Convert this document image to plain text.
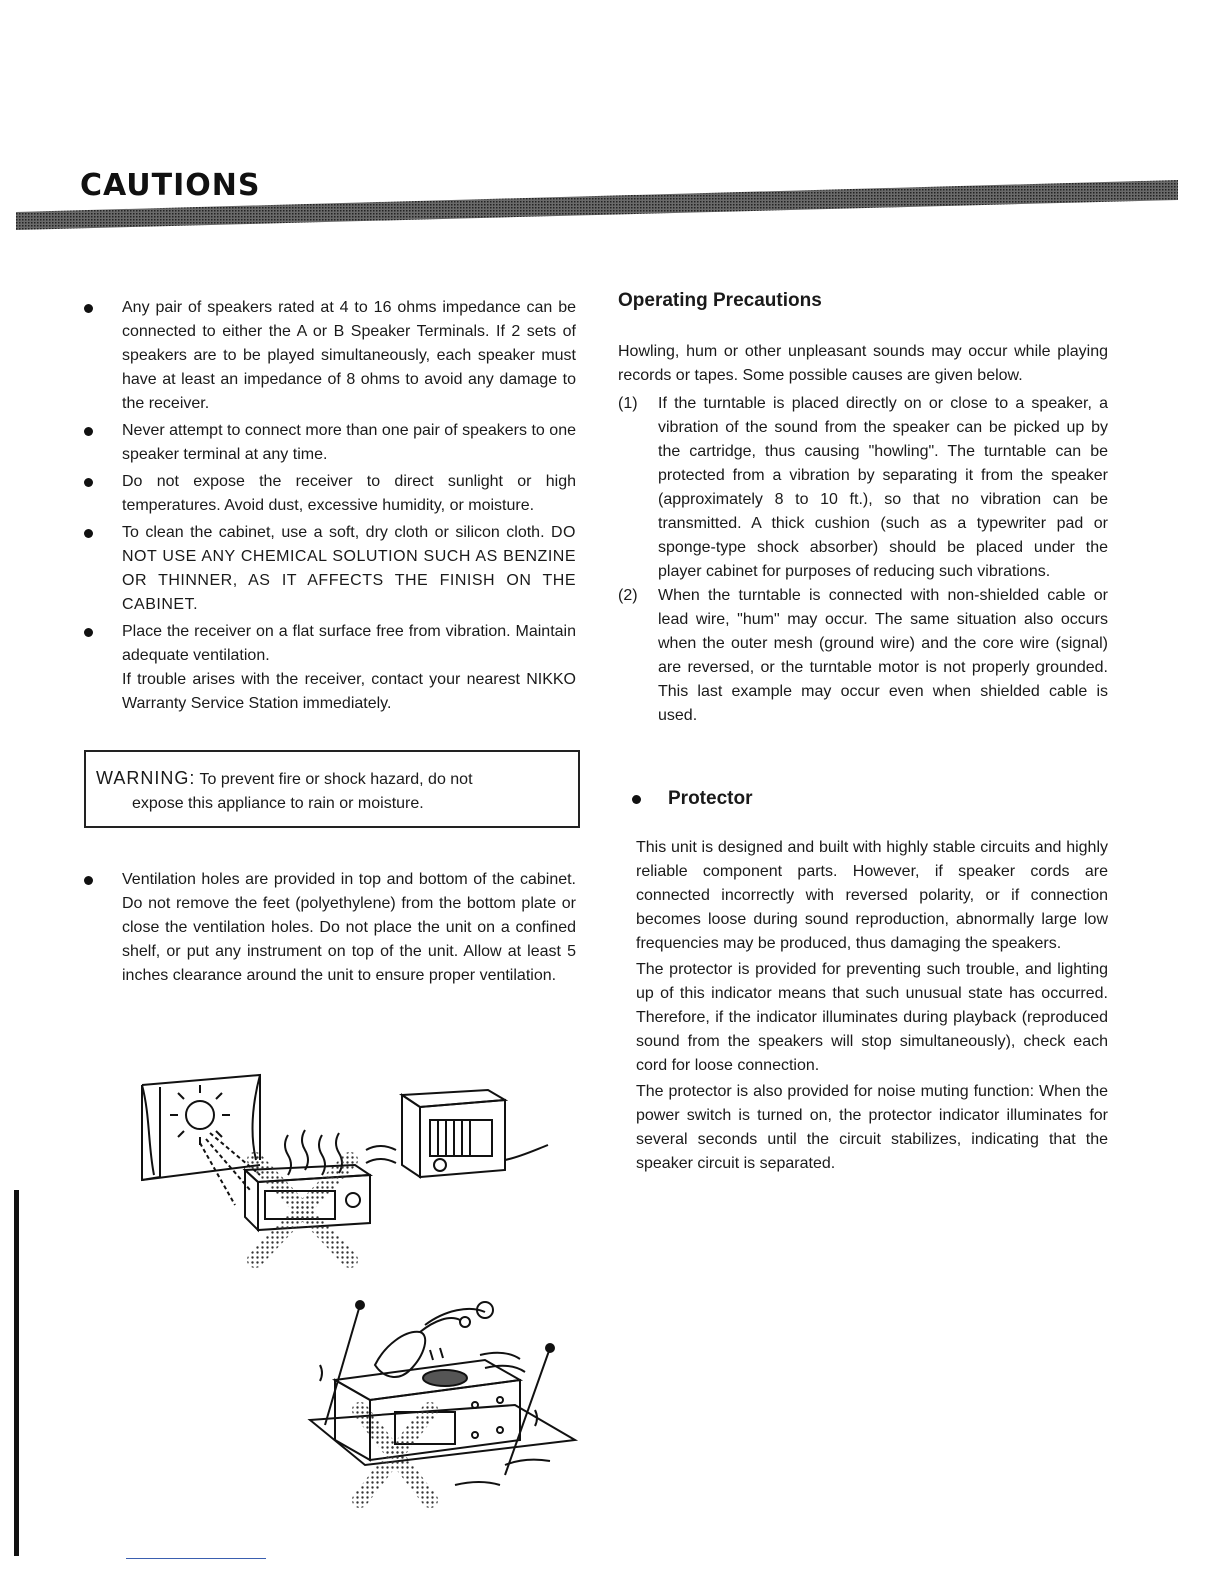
CAUTIONS

Any pair of speakers rated at 4 to 16 ohms impedance can be connected to either the A or B Speaker Terminals. If 2 sets of speakers are to be played simultaneously, each speaker must have at least an impedance of 8 ohms to avoid any damage to the receiver.

Never attempt to connect more than one pair of speakers to one speaker terminal at any time.

Do not expose the receiver to direct sunlight or high temperatures. Avoid dust, excessive humidity, or moisture.

To clean the cabinet, use a soft, dry cloth or silicon cloth. DO NOT USE ANY CHEMICAL SOLUTION SUCH AS BENZINE OR THINNER, AS IT AFFECTS THE FINISH ON THE CABINET.

Place the receiver on a flat surface free from vibration. Maintain adequate ventilation.

If trouble arises with the receiver, contact your nearest NIKKO Warranty Service Station immediately.

WARNING: To prevent fire or shock hazard, do not
expose this appliance to rain or moisture.

Ventilation holes are provided in top and bottom of the cabinet. Do not remove the feet (polyethylene) from the bottom plate or close the ventilation holes. Do not place the unit on a confined shelf, or put any instrument on top of the unit. Allow at least 5 inches clearance around the unit to ensure proper ventilation.

Operating Precautions

Howling, hum or other unpleasant sounds may occur while playing records or tapes. Some possible causes are given below.

(1) If the turntable is placed directly on or close to a speaker, a vibration of the sound from the speaker can be picked up by the cartridge, thus causing "howling". The turntable can be protected from a vibration by separating it from the speaker (approximately 8 to 10 ft.), so that no vibration can be transmitted. A thick cushion (such as a typewriter pad or sponge-type shock absorber) should be placed under the player cabinet for purposes of reducing such vibrations.

(2) When the turntable is connected with non-shielded cable or lead wire, "hum" may occur. The same situation also occurs when the outer mesh (ground wire) and the core wire (signal) are reversed, or the turntable motor is not properly grounded. This last example may occur even when shielded cable is used.

Protector

This unit is designed and built with highly stable circuits and highly reliable component parts. However, if speaker cords are connected incorrectly with reversed polarity, or if connection becomes loose during sound reproduction, abnormally large low frequencies may be produced, thus damaging the speakers.

The protector is provided for preventing such trouble, and lighting up of this indicator means that such unusual state has occurred. Therefore, if the indicator illuminates during playback (reproduced sound from the speakers will stop simultaneously), check each cord for loose connection.

The protector is also provided for noise muting function: When the power switch is turned on, the protector indicator illuminates for several seconds until the circuit stabilizes, indicating that the speaker circuit is separated.
